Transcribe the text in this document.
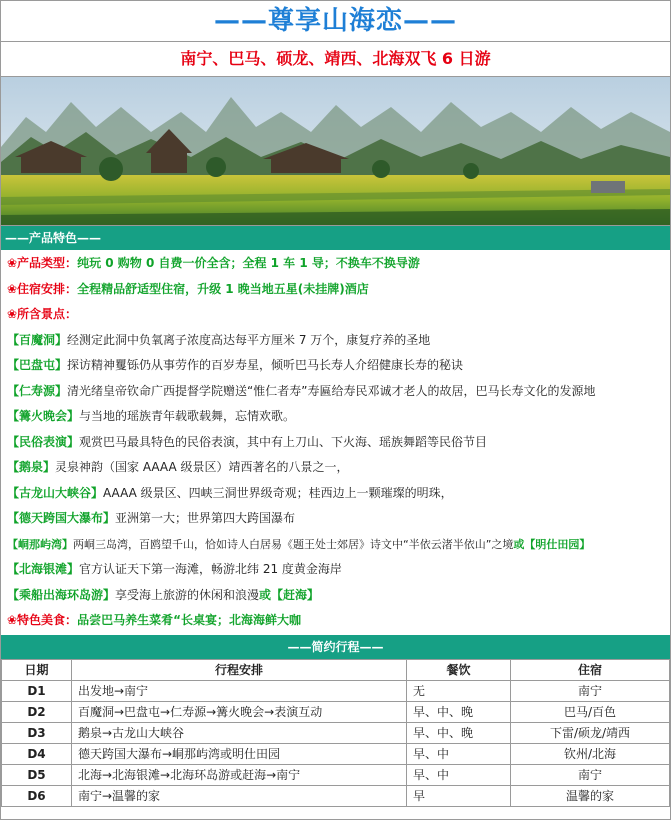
——尊享山海恋——
南宁、巴马、硕龙、靖西、北海双飞 6 日游
——产品特色——
❀产品类型：纯玩 0 购物 0 自费一价全含；全程 1 车 1 导；不换车不换导游
❀住宿安排：全程精品舒适型住宿，升级 1 晚当地五星(未挂牌)酒店
❀所含景点：
【百魔洞】经测定此洞中负氧离子浓度高达每平方厘米 7 万个，康复疗养的圣地
【巴盘屯】探访精神矍铄仍从事劳作的百岁寿星，倾听巴马长寿人介绍健康长寿的秘诀
【仁寿源】清光绪皇帝钦命广西提督学院赠送“惟仁者寿”寿匾给寿民邓诚才老人的故居，巴马长寿文化的发源地
【篝火晚会】与当地的瑶族青年载歌载舞，忘情欢歌。
【民俗表演】观赏巴马最具特色的民俗表演，其中有上刀山、下火海、瑶族舞蹈等民俗节目
【鹅泉】灵泉神韵（国家 AAAA 级景区）靖西著名的八景之一，
【古龙山大峡谷】AAAA 级景区、四峡三洞世界级奇观；桂西边上一颗璀璨的明珠，
【德天跨国大瀑布】亚洲第一大；世界第四大跨国瀑布
【峒那屿湾】两峒三岛湾，百鸥望千山，恰如诗人白居易《题王处士郊居》诗文中“半依云渚半依山”之境或【明仕田园】
【北海银滩】官方认证天下第一海滩，畅游北纬 21 度黄金海岸
【乘船出海环岛游】享受海上旅游的休闲和浪漫或【赶海】
❀特色美食：品尝巴马养生菜肴“长桌宴；北海海鲜大咖
——简约行程——
日期	行程安排	餐饮	住宿
D1	出发地→南宁	无	南宁
D2	百魔洞→巴盘屯→仁寿源→篝火晚会→表演互动	早、中、晚	巴马/百色
D3	鹅泉→古龙山大峡谷	早、中、晚	下雷/硕龙/靖西
D4	德天跨国大瀑布→峒那屿湾或明仕田园	早、中	钦州/北海
D5	北海→北海银滩→北海环岛游或赶海→南宁	早、中	南宁
D6	南宁→温馨的家	早	温馨的家
